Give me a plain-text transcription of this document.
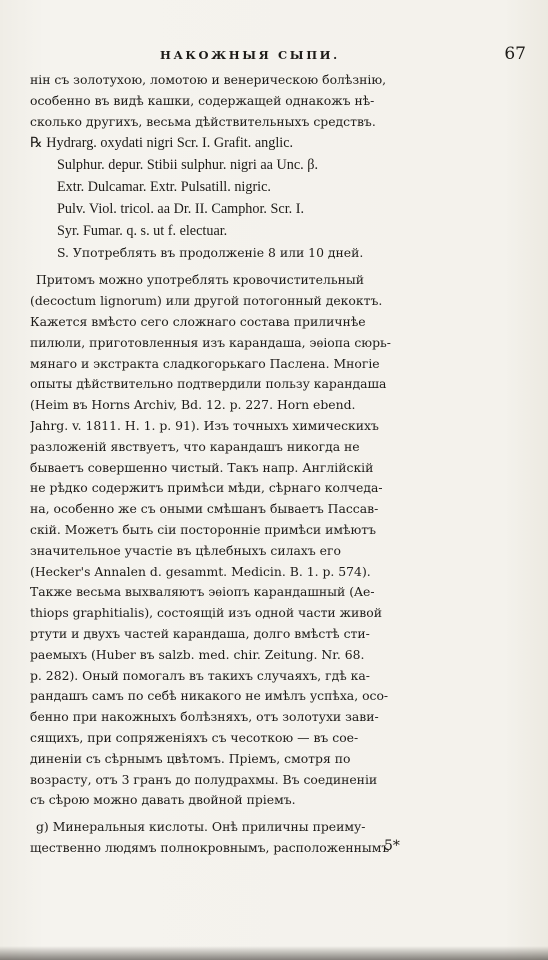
НАКОЖНЫЯ СЫПИ.	67
нін съ золотухою, ломотою и венерическою болѣзнію,
особенно въ видѣ кашки, содержащей однакожъ нѣ-
сколько другихъ, весьма дѣйствительныхъ средствъ.
℞ Hydrarg. oxydati nigri Scr. I. Grafit. anglic.
Sulphur. depur. Stibii sulphur. nigri aa Unc. β.
Extr. Dulcamar. Extr. Pulsatill. nigric.
Pulv. Viol. tricol. aa Dr. II. Camphor. Scr. I.
Syr. Fumar. q. s. ut f. electuar.
S. Употреблять въ продолженіе 8 или 10 дней.
Притомъ можно употреблять кровочистительный
(decoctum lignorum) или другой потогонный декоктъ.
Кажется вмѣсто сего сложнаго состава приличнѣе
пилюли, приготовленныя изъ карандаша, эѳіопа сюрь-
мянаго и экстракта сладкогорькаго Паслена. Многіе
опыты дѣйствительно подтвердили пользу карандаша
(Heim въ Horns Archiv, Bd. 12. p. 227. Horn ebend.
Jahrg. v. 1811. H. 1. p. 91). Изъ точныхъ химическихъ
разложеній явствуетъ, что карандашъ никогда не
бываетъ совершенно чистый. Такъ напр. Англійскій
не рѣдко содержитъ примѣси мѣди, сѣрнаго колчеда-
на, особенно же съ оными смѣшанъ бываетъ Пассав-
скій. Можетъ быть сіи посторонніе примѣси имѣютъ
значительное участіе въ цѣлебныхъ силахъ его
(Hecker's Annalen d. gesammt. Medicin. B. 1. p. 574).
Также весьма выхваляютъ эѳіопъ карандашный (Ae-
thiops graphitialis), состоящій изъ одной части живой
ртути и двухъ частей карандаша, долго вмѣстѣ сти-
раемыхъ (Huber въ salzb. med. chir. Zeitung. Nr. 68.
p. 282). Оный помогалъ въ такихъ случаяхъ, гдѣ ка-
рандашъ самъ по себѣ никакого не имѣлъ успѣха, осо-
бенно при накожныхъ болѣзняхъ, отъ золотухи зави-
сящихъ, при сопряженіяхъ съ чесоткою — въ сое-
диненіи съ сѣрнымъ цвѣтомъ. Пріемъ, смотря по
возрасту, отъ 3 гранъ до полудрахмы. Въ соединеніи
съ сѣрою можно давать двойной пріемъ.
g) Минеральныя кислоты. Онѣ приличны преиму-
щественно людямъ полнокровнымъ, расположеннымъ
5*
